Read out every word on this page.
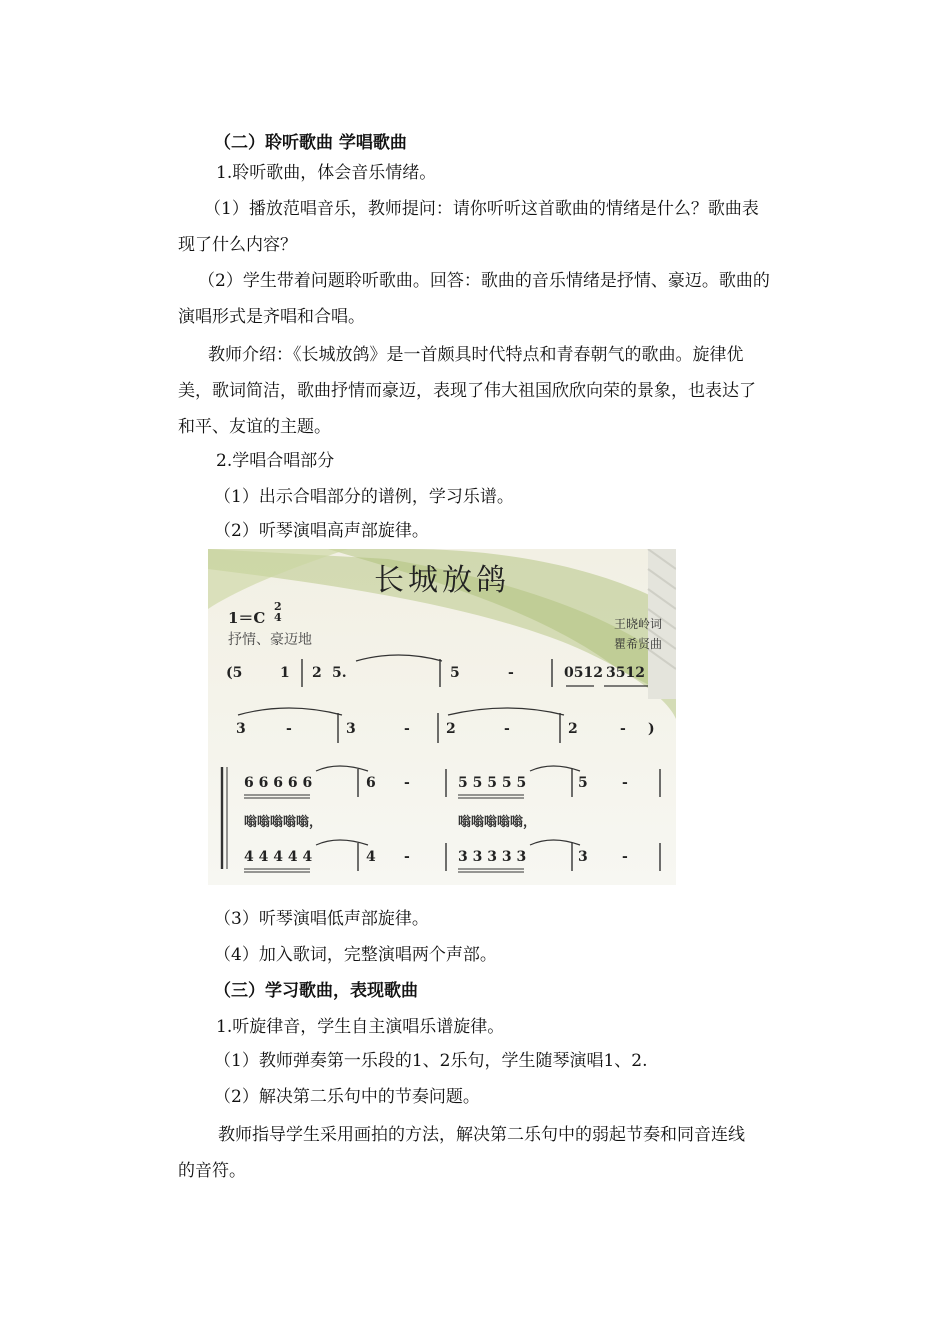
长城放鸽
1＝C
2
4
抒情、豪迈地
王晓岭词
瞿希贤曲
(5	1 2 5.	5	-	0512 3512
3	-	3	-	2	-	2	- )
6 6 6 6 6	6 -	5 5 5 5 5	5 -
嗡嗡嗡嗡嗡，	嗡嗡嗡嗡嗡，
4 4 4 4 4	4 -	3 3 3 3 3	3 -
（二）聆听歌曲 学唱歌曲
1.聆听歌曲，体会音乐情绪。
（1）播放范唱音乐，教师提问：请你听听这首歌曲的情绪是什么？歌曲表
现了什么内容？
（2）学生带着问题聆听歌曲。回答：歌曲的音乐情绪是抒情、豪迈。歌曲的
演唱形式是齐唱和合唱。
教师介绍：《长城放鸽》是一首颇具时代特点和青春朝气的歌曲。旋律优
美，歌词简洁，歌曲抒情而豪迈，表现了伟大祖国欣欣向荣的景象，也表达了
和平、友谊的主题。
2.学唱合唱部分
（1）出示合唱部分的谱例，学习乐谱。
（2）听琴演唱高声部旋律。
（3）听琴演唱低声部旋律。
（4）加入歌词，完整演唱两个声部。
（三）学习歌曲，表现歌曲
1.听旋律音，学生自主演唱乐谱旋律。
（1）教师弹奏第一乐段的1、2乐句，学生随琴演唱1、2.
（2）解决第二乐句中的节奏问题。
教师指导学生采用画拍的方法，解决第二乐句中的弱起节奏和同音连线
的音符。
